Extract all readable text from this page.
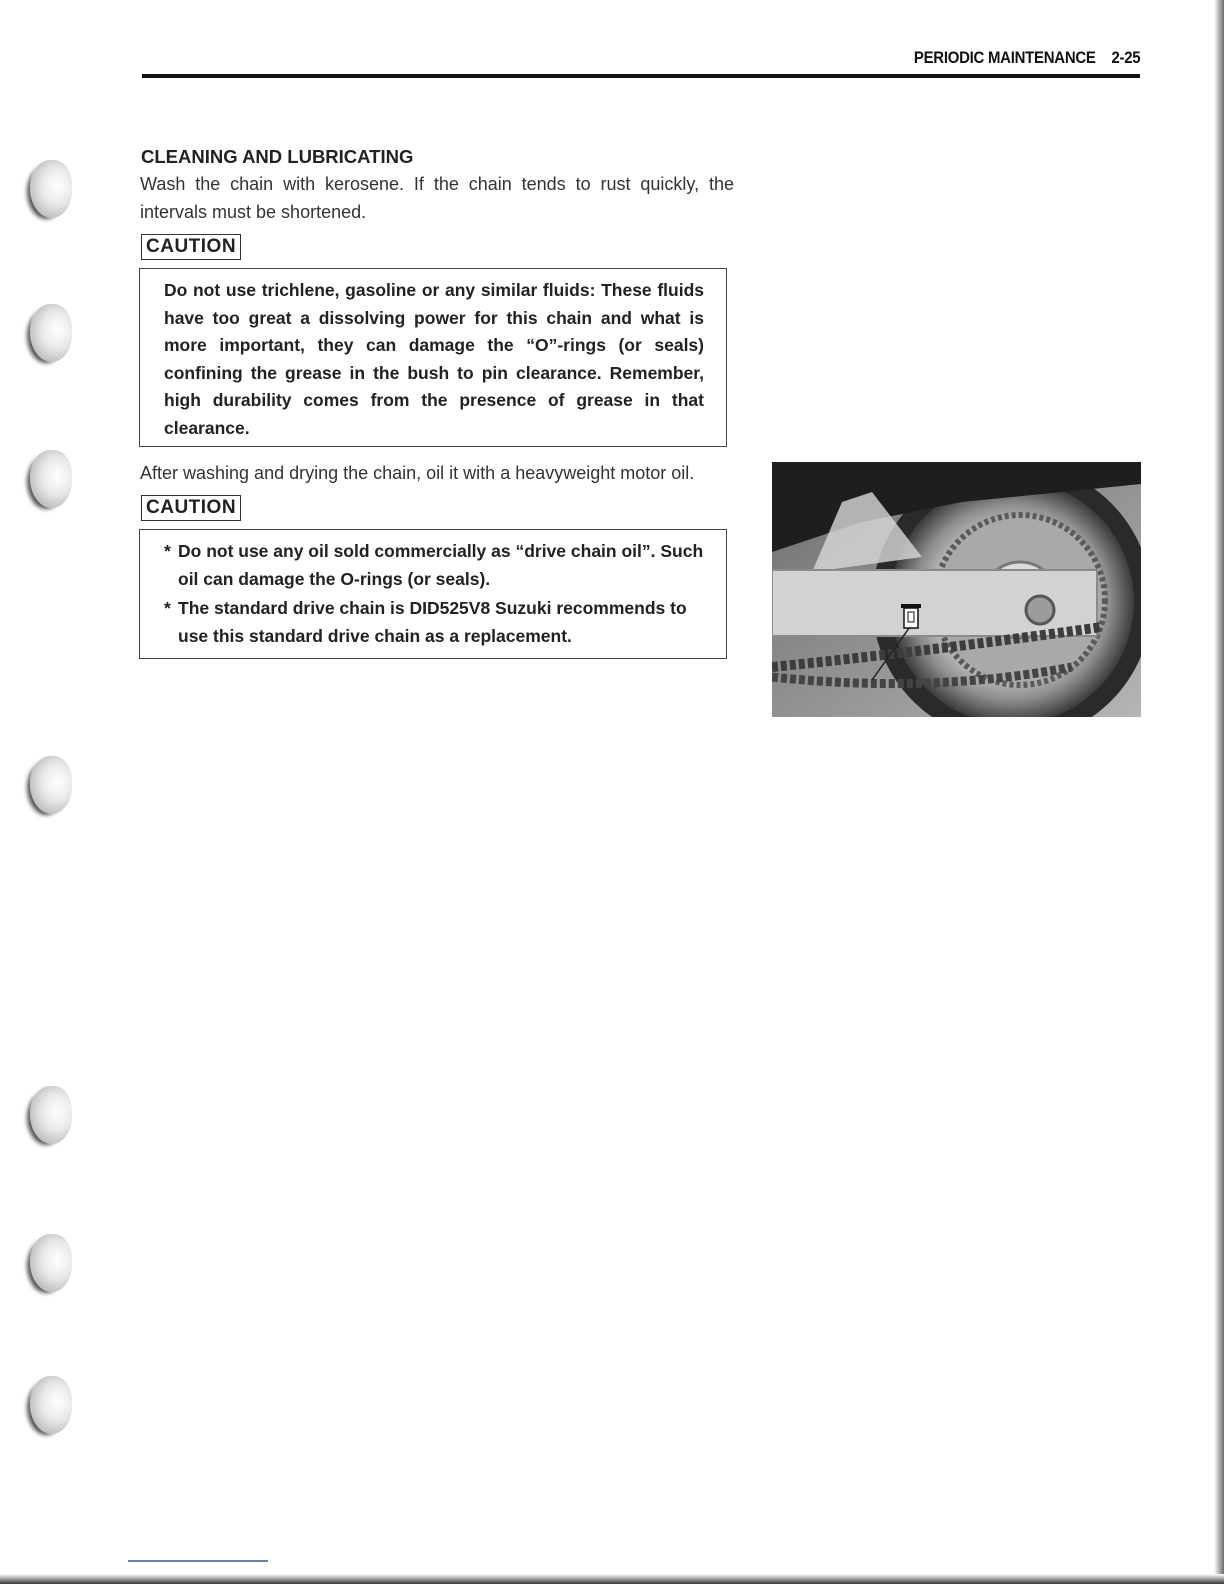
PERIODIC MAINTENANCE 2-25
CLEANING AND LUBRICATING

Wash the chain with kerosene. If the chain tends to rust quickly, the intervals must be shortened.

CAUTION

Do not use trichlene, gasoline or any similar fluids: These fluids have too great a dissolving power for this chain and what is more important, they can damage the “O”-rings (or seals) confining the grease in the bush to pin clearance. Remember, high durability comes from the presence of grease in that clearance.

After washing and drying the chain, oil it with a heavyweight motor oil.

CAUTION
* Do not use any oil sold commercially as “drive chain oil”. Such oil can damage the O-rings (or seals).
* The standard drive chain is DID525V8 Suzuki recommends to use this standard drive chain as a replacement.
